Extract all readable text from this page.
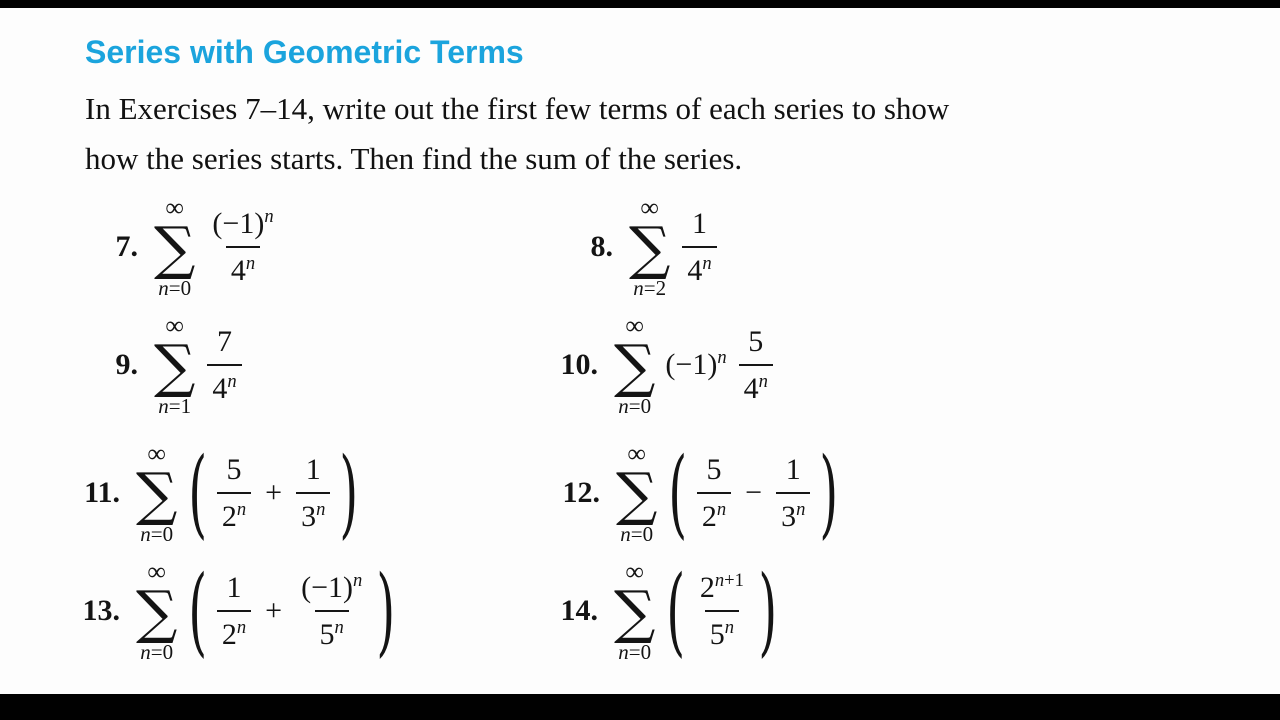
Series with Geometric Terms

In Exercises 7–14, write out the first few terms of each series to show
how the series starts. Then find the sum of the series.

7.
∞
∑
n=0
$\frac{(-1)^n}{4^n}$	8.
∞
∑
n=2
$\frac{1}{4^n}$
9.
∞
∑
n=1
$\frac{7}{4^n}$	10.
∞
∑
n=0
$(-1)^n \frac{5}{4^n}$
11.
∞
∑
n=0 ( $\frac{5}{2^n} + \frac{1}{3^n}$ )	12.
∞
∑
n=0 ( $\frac{5}{2^n} - \frac{1}{3^n}$ )
13.
∞
∑
n=0 ( $\frac{1}{2^n} + \frac{(-1)^n}{5^n}$ )	14.
∞
∑
n=0 ( $\frac{2^{n+1}}{5^n}$ )
